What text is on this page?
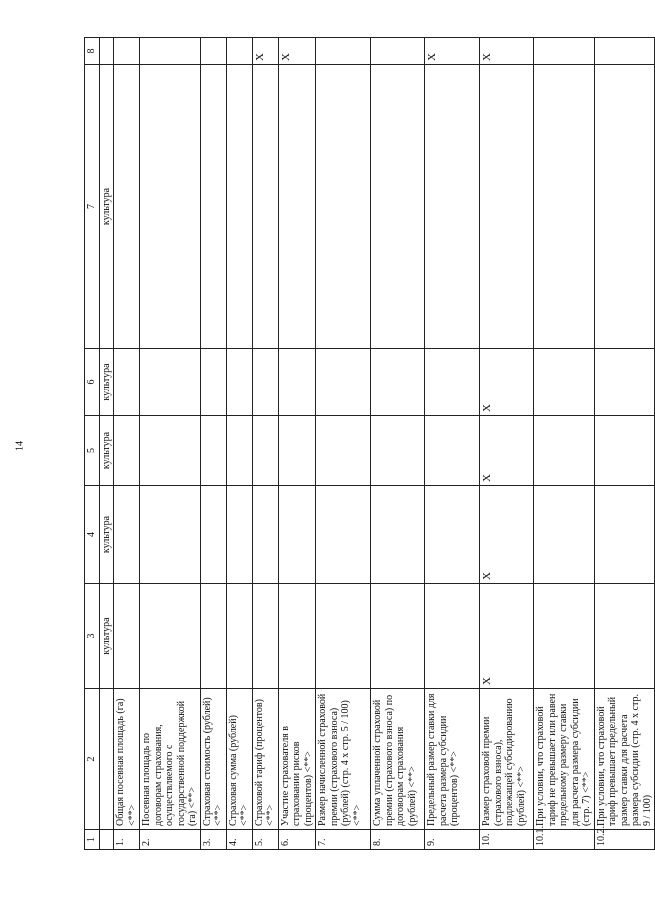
14
1	2	3	4	5	6	7	8
		культура	культура	культура	культура	культура	
1.	Общая посевная площадь (га) <**>						
2.	Посевная площадь по договорам страхования, осуществляемого с государственной поддержкой (га) <**>						
3.	Страховая стоимость (рублей) <**>						
4.	Страховая сумма (рублей) <**>						
5.	Страховой тариф (процентов) <**>						X
6.	Участие страхователя в страховании рисков (процентов) <**>						X
7.	Размер начисленной страховой премии (страхового взноса) (рублей) (стр. 4 x стр. 5 / 100) <**>						
8.	Сумма уплаченной страховой премии (страхового взноса) по договорам страхования (рублей) <**>						
9.	Предельный размер ставки для расчета размера субсидии (процентов) <**>						X
10.	Размер страховой премии (страхового взноса), подлежащей субсидированию (рублей) <**>	X	X	X	X		X
10.1.	При условии, что страховой тариф не превышает или равен предельному размеру ставки для расчета размера субсидии (стр. 7) <**>						
10.2.	При условии, что страховой тариф превышает предельный размер ставки для расчета размера субсидии (стр. 4 x стр. 9 / 100)						
